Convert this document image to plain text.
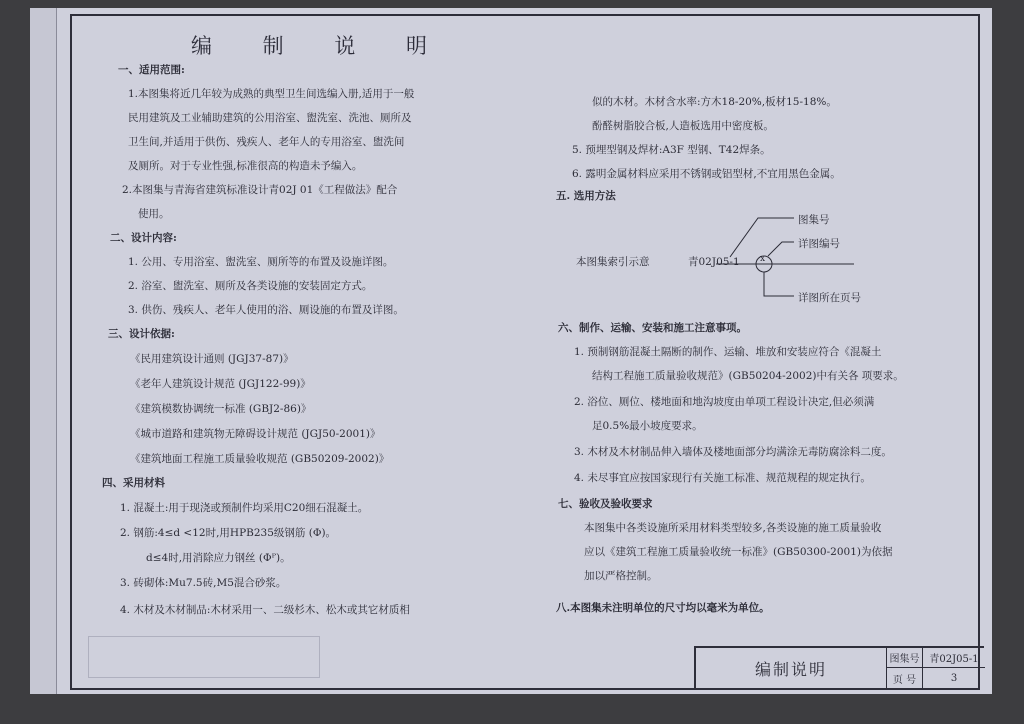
编 制 说 明
一、适用范围:
1.本图集将近几年较为成熟的典型卫生间选编入册,适用于一般
民用建筑及工业辅助建筑的公用浴室、盥洗室、洗池、厕所及
卫生间,并适用于供伤、残疾人、老年人的专用浴室、盥洗间
及厕所。对于专业性强,标准很高的构造未予编入。
2.本图集与青海省建筑标准设计青02J 01《工程做法》配合
使用。
二、设计内容:
1. 公用、专用浴室、盥洗室、厕所等的布置及设施详图。
2. 浴室、盥洗室、厕所及各类设施的安装固定方式。
3. 供伤、残疾人、老年人使用的浴、厕设施的布置及详图。
三、设计依据:
《民用建筑设计通则 (JGJ37-87)》
《老年人建筑设计规范 (JGJ122-99)》
《建筑模数协调统一标准 (GBJ2-86)》
《城市道路和建筑物无障碍设计规范 (JGJ50-2001)》
《建筑地面工程施工质量验收规范 (GB50209-2002)》
四、采用材料
1. 混凝土:用于现浇或预制件均采用C20细石混凝土。
2. 钢筋:4≤d <12时,用HPB235级钢筋 (Φ)。
d≤4时,用消除应力钢丝 (Φᴾ)。
3. 砖砌体:Mu7.5砖,M5混合砂浆。
4. 木材及木材制品:木材采用一、二级杉木、松木或其它材质相
似的木材。木材含水率:方木18-20%,板材15-18%。
酚醛树脂胶合板,人造板选用中密度板。
5. 预埋型钢及焊材:A3F 型钢、T42焊条。
6. 露明金属材料应采用不锈钢或铝型材,不宜用黑色金属。
五. 选用方法
本图集索引示意	青02J05-1 x
图集号
详图编号
详图所在页号
六、制作、运输、安装和施工注意事项。
1. 预制钢筋混凝土隔断的制作、运输、堆放和安装应符合《混凝土
结构工程施工质量验收规范》(GB50204-2002)中有关各 项要求。
2. 浴位、厕位、楼地面和地沟坡度由单项工程设计决定,但必须满
足0.5%最小坡度要求。
3. 木材及木材制品伸入墙体及楼地面部分均满涂无毒防腐涂料二度。
4. 未尽事宜应按国家现行有关施工标准、规范规程的规定执行。
七、验收及验收要求
本图集中各类设施所采用材料类型较多,各类设施的施工质量验收
应以《建筑工程施工质量验收统一标准》(GB50300-2001)为依据
加以严格控制。
八.本图集未注明单位的尺寸均以毫米为单位。
编制说明	图集号 青02J05-1
页 号	3
